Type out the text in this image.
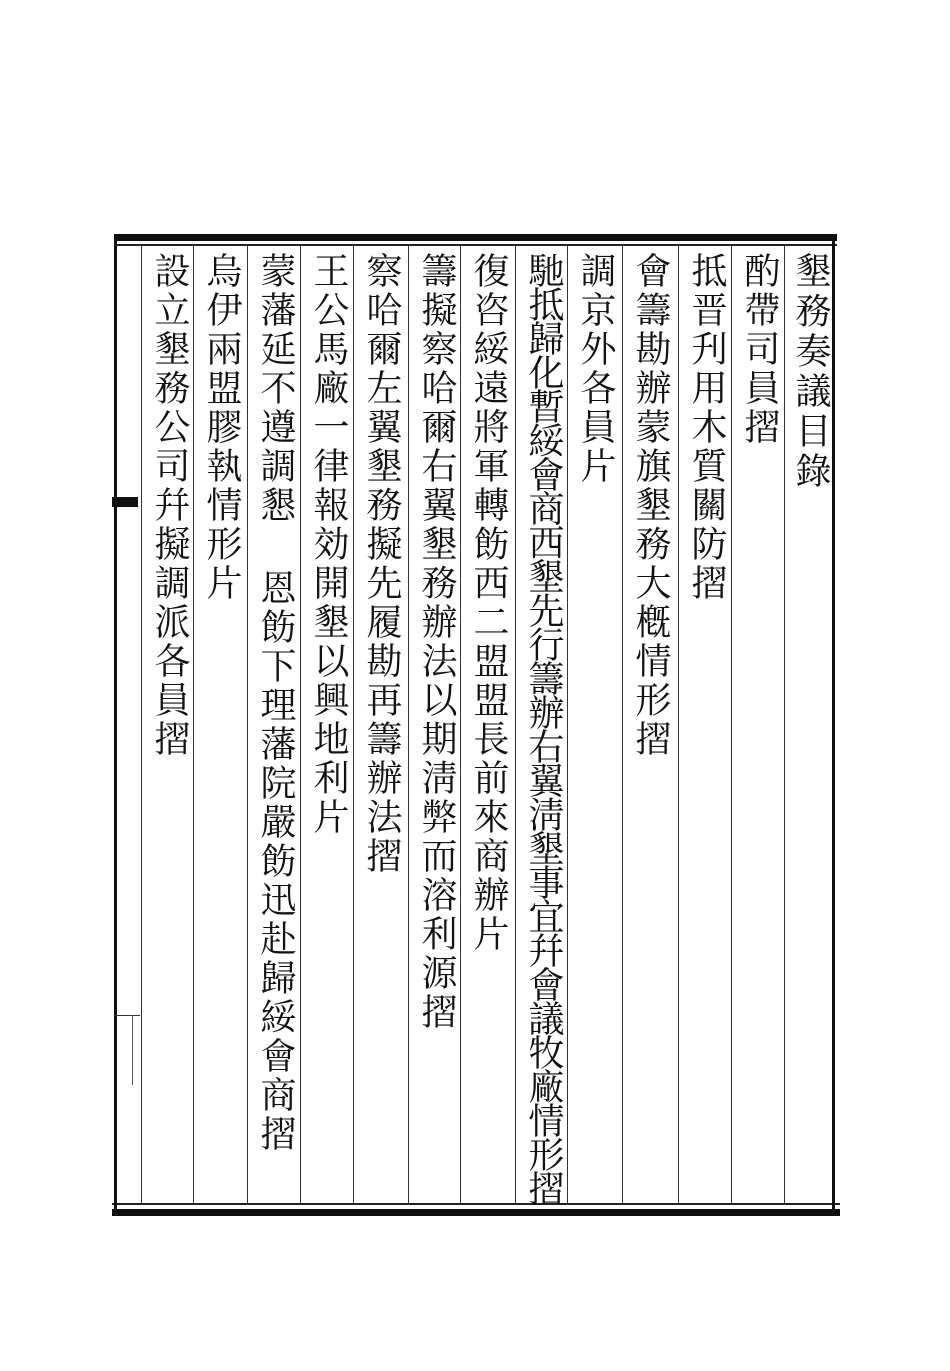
墾務奏議目錄
酌帶司員摺
抵晋刋用木質關防摺
會籌勘辦蒙旗墾務大槪情形摺
調京外各員片
馳抵歸化暫綏會商西墾先行籌辦右翼淸墾事宜幷會議牧廠情形摺
復咨綏遠將軍轉飭西二盟盟長前來商辦片
籌擬察哈爾右翼墾務辦法以期淸弊而溶利源摺
察哈爾左翼墾務擬先履勘再籌辦法摺
王公馬廠一律報効開墾以興地利片
蒙藩延不遵調懇 恩飭下理藩院嚴飭迅赴歸綏會商摺
烏伊兩盟膠執情形片
設立墾務公司幷擬調派各員摺
